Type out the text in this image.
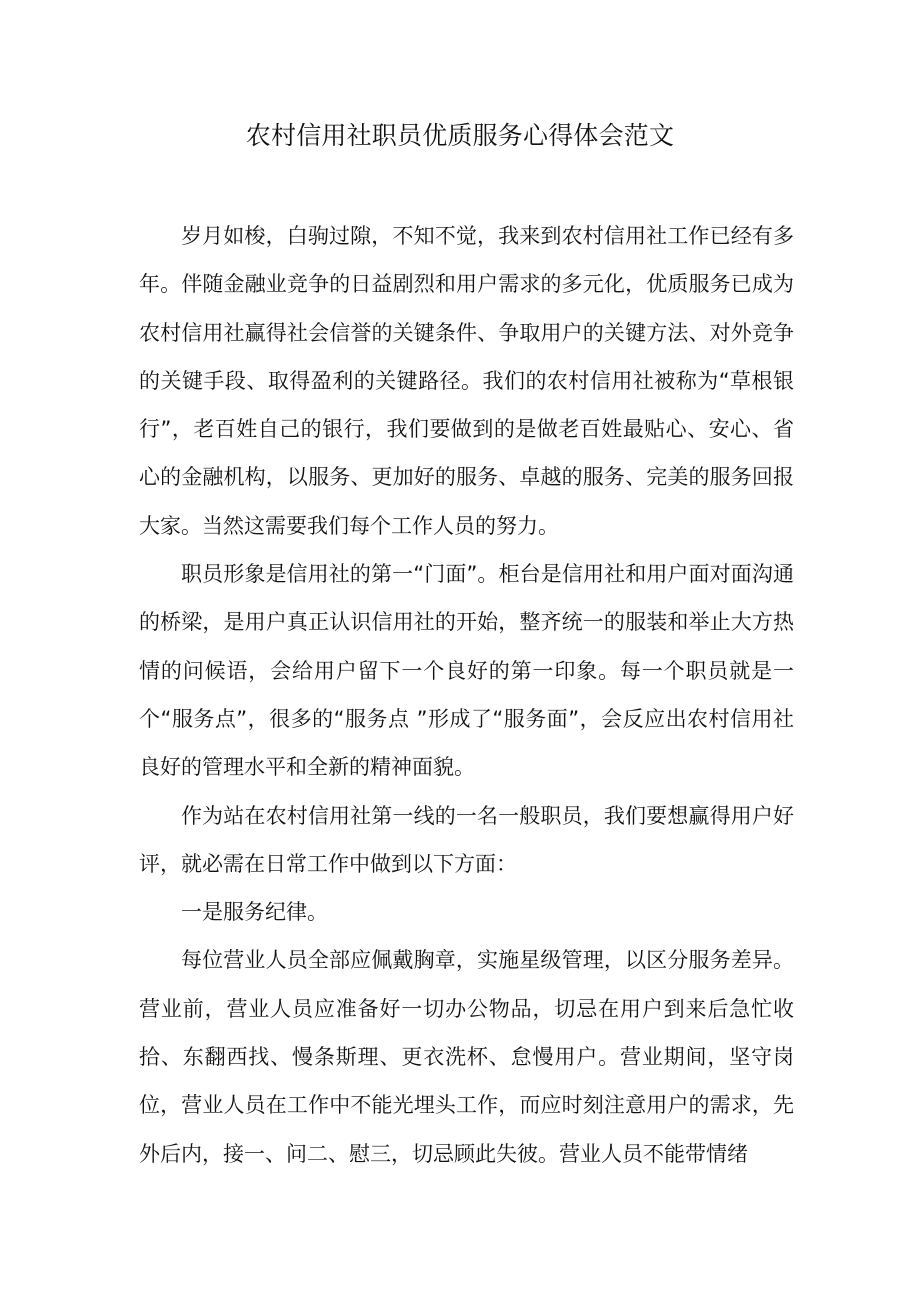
农村信用社职员优质服务心得体会范文

岁月如梭，白驹过隙，不知不觉，我来到农村信用社工作已经有多年。伴随金融业竞争的日益剧烈和用户需求的多元化，优质服务已成为农村信用社赢得社会信誉的关键条件、争取用户的关键方法、对外竞争的关键手段、取得盈利的关键路径。我们的农村信用社被称为“草根银行”，老百姓自己的银行，我们要做到的是做老百姓最贴心、安心、省心的金融机构，以服务、更加好的服务、卓越的服务、完美的服务回报大家。当然这需要我们每个工作人员的努力。

职员形象是信用社的第一“门面”。柜台是信用社和用户面对面沟通的桥梁，是用户真正认识信用社的开始，整齐统一的服装和举止大方热情的问候语，会给用户留下一个良好的第一印象。每一个职员就是一个“服务点”，很多的“服务点 ”形成了“服务面”，会反应出农村信用社良好的管理水平和全新的精神面貌。

作为站在农村信用社第一线的一名一般职员，我们要想赢得用户好评，就必需在日常工作中做到以下方面：

一是服务纪律。

每位营业人员全部应佩戴胸章，实施星级管理，以区分服务差异。营业前，营业人员应准备好一切办公物品，切忌在用户到来后急忙收拾、东翻西找、慢条斯理、更衣洗杯、怠慢用户。营业期间，坚守岗位，营业人员在工作中不能光埋头工作，而应时刻注意用户的需求，先外后内，接一、问二、慰三，切忌顾此失彼。营业人员不能带情绪
